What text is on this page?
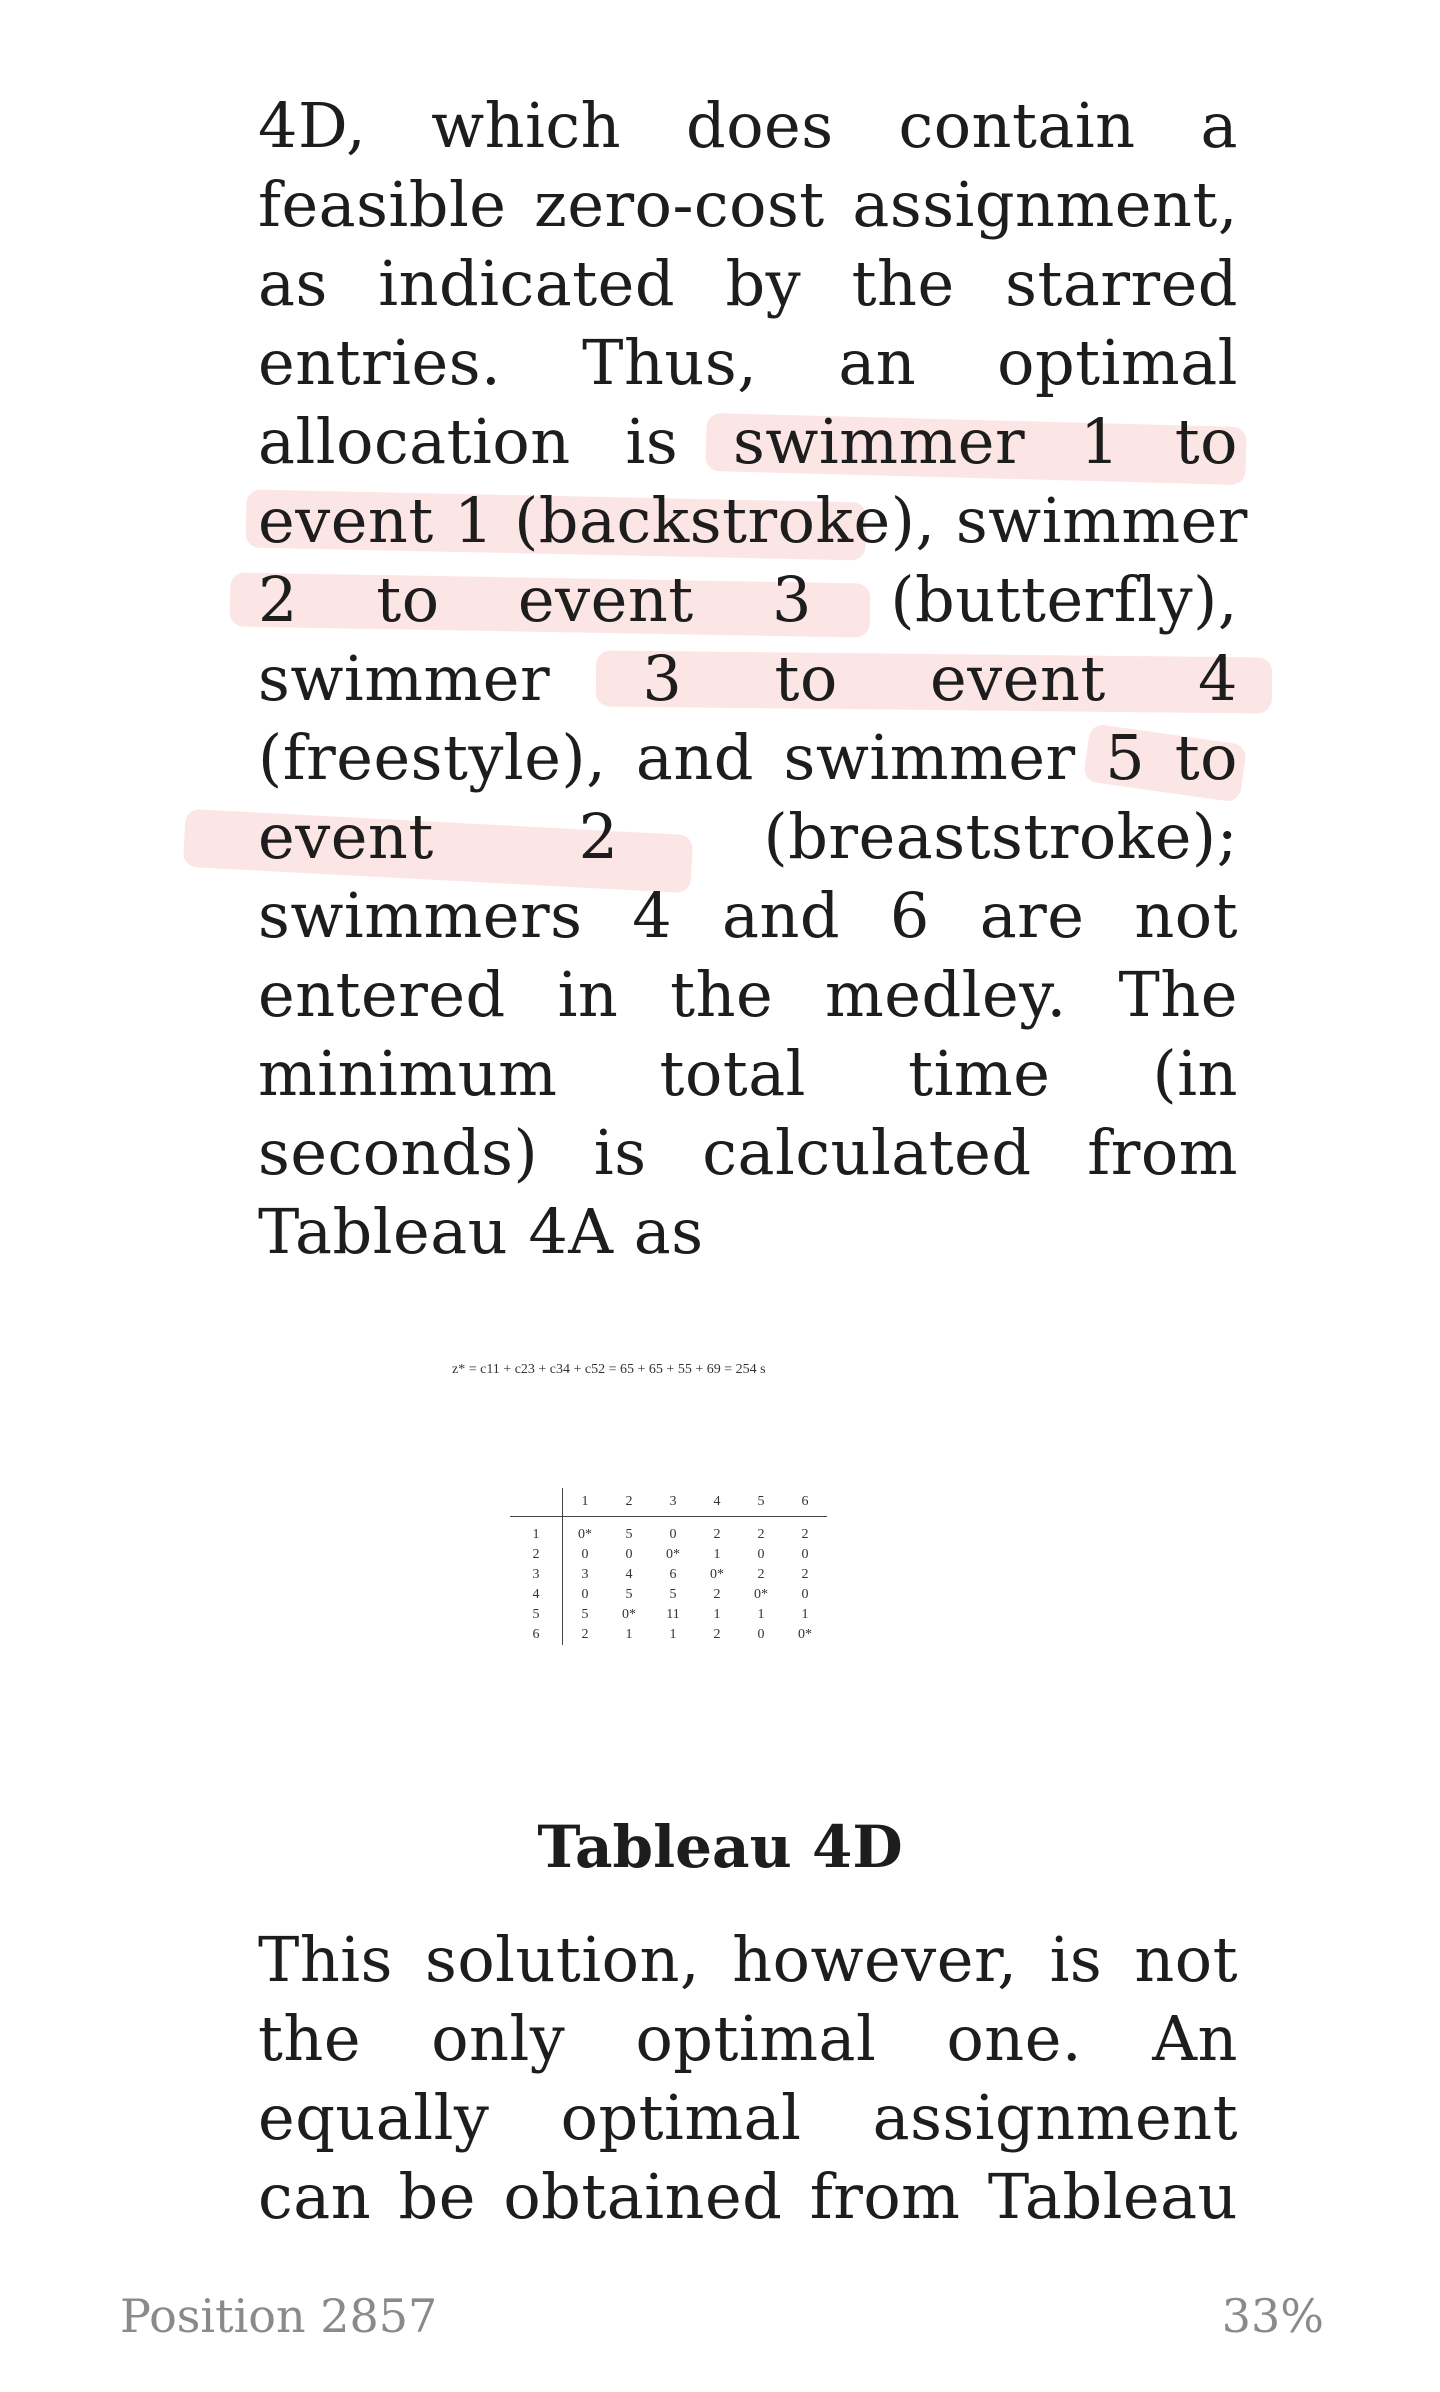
4D, which does contain a
feasible zero-cost assignment,
as indicated by the starred
entries. Thus, an optimal
allocation is swimmer 1 to
event 1 (backstroke), swimmer
2 to event 3 (butterfly),
swimmer 3 to event 4
(freestyle), and swimmer 5 to
event 2 (breaststroke);
swimmers 4 and 6 are not
entered in the medley. The
minimum total time (in
seconds) is calculated from
Tableau 4A as
z* = c11 + c23 + c34 + c52 = 65 + 65 + 55 + 69 = 254 s
	1	2	3	4	5	6
1	0*	5	0	2	2	2
2	0	0	0*	1	0	0
3	3	4	6	0*	2	2
4	0	5	5	2	0*	0
5	5	0*	11	1	1	1
6	2	1	1	2	0	0*
Tableau 4D
This solution, however, is not
the only optimal one. An
equally optimal assignment
can be obtained from Tableau
Position 2857	33%
